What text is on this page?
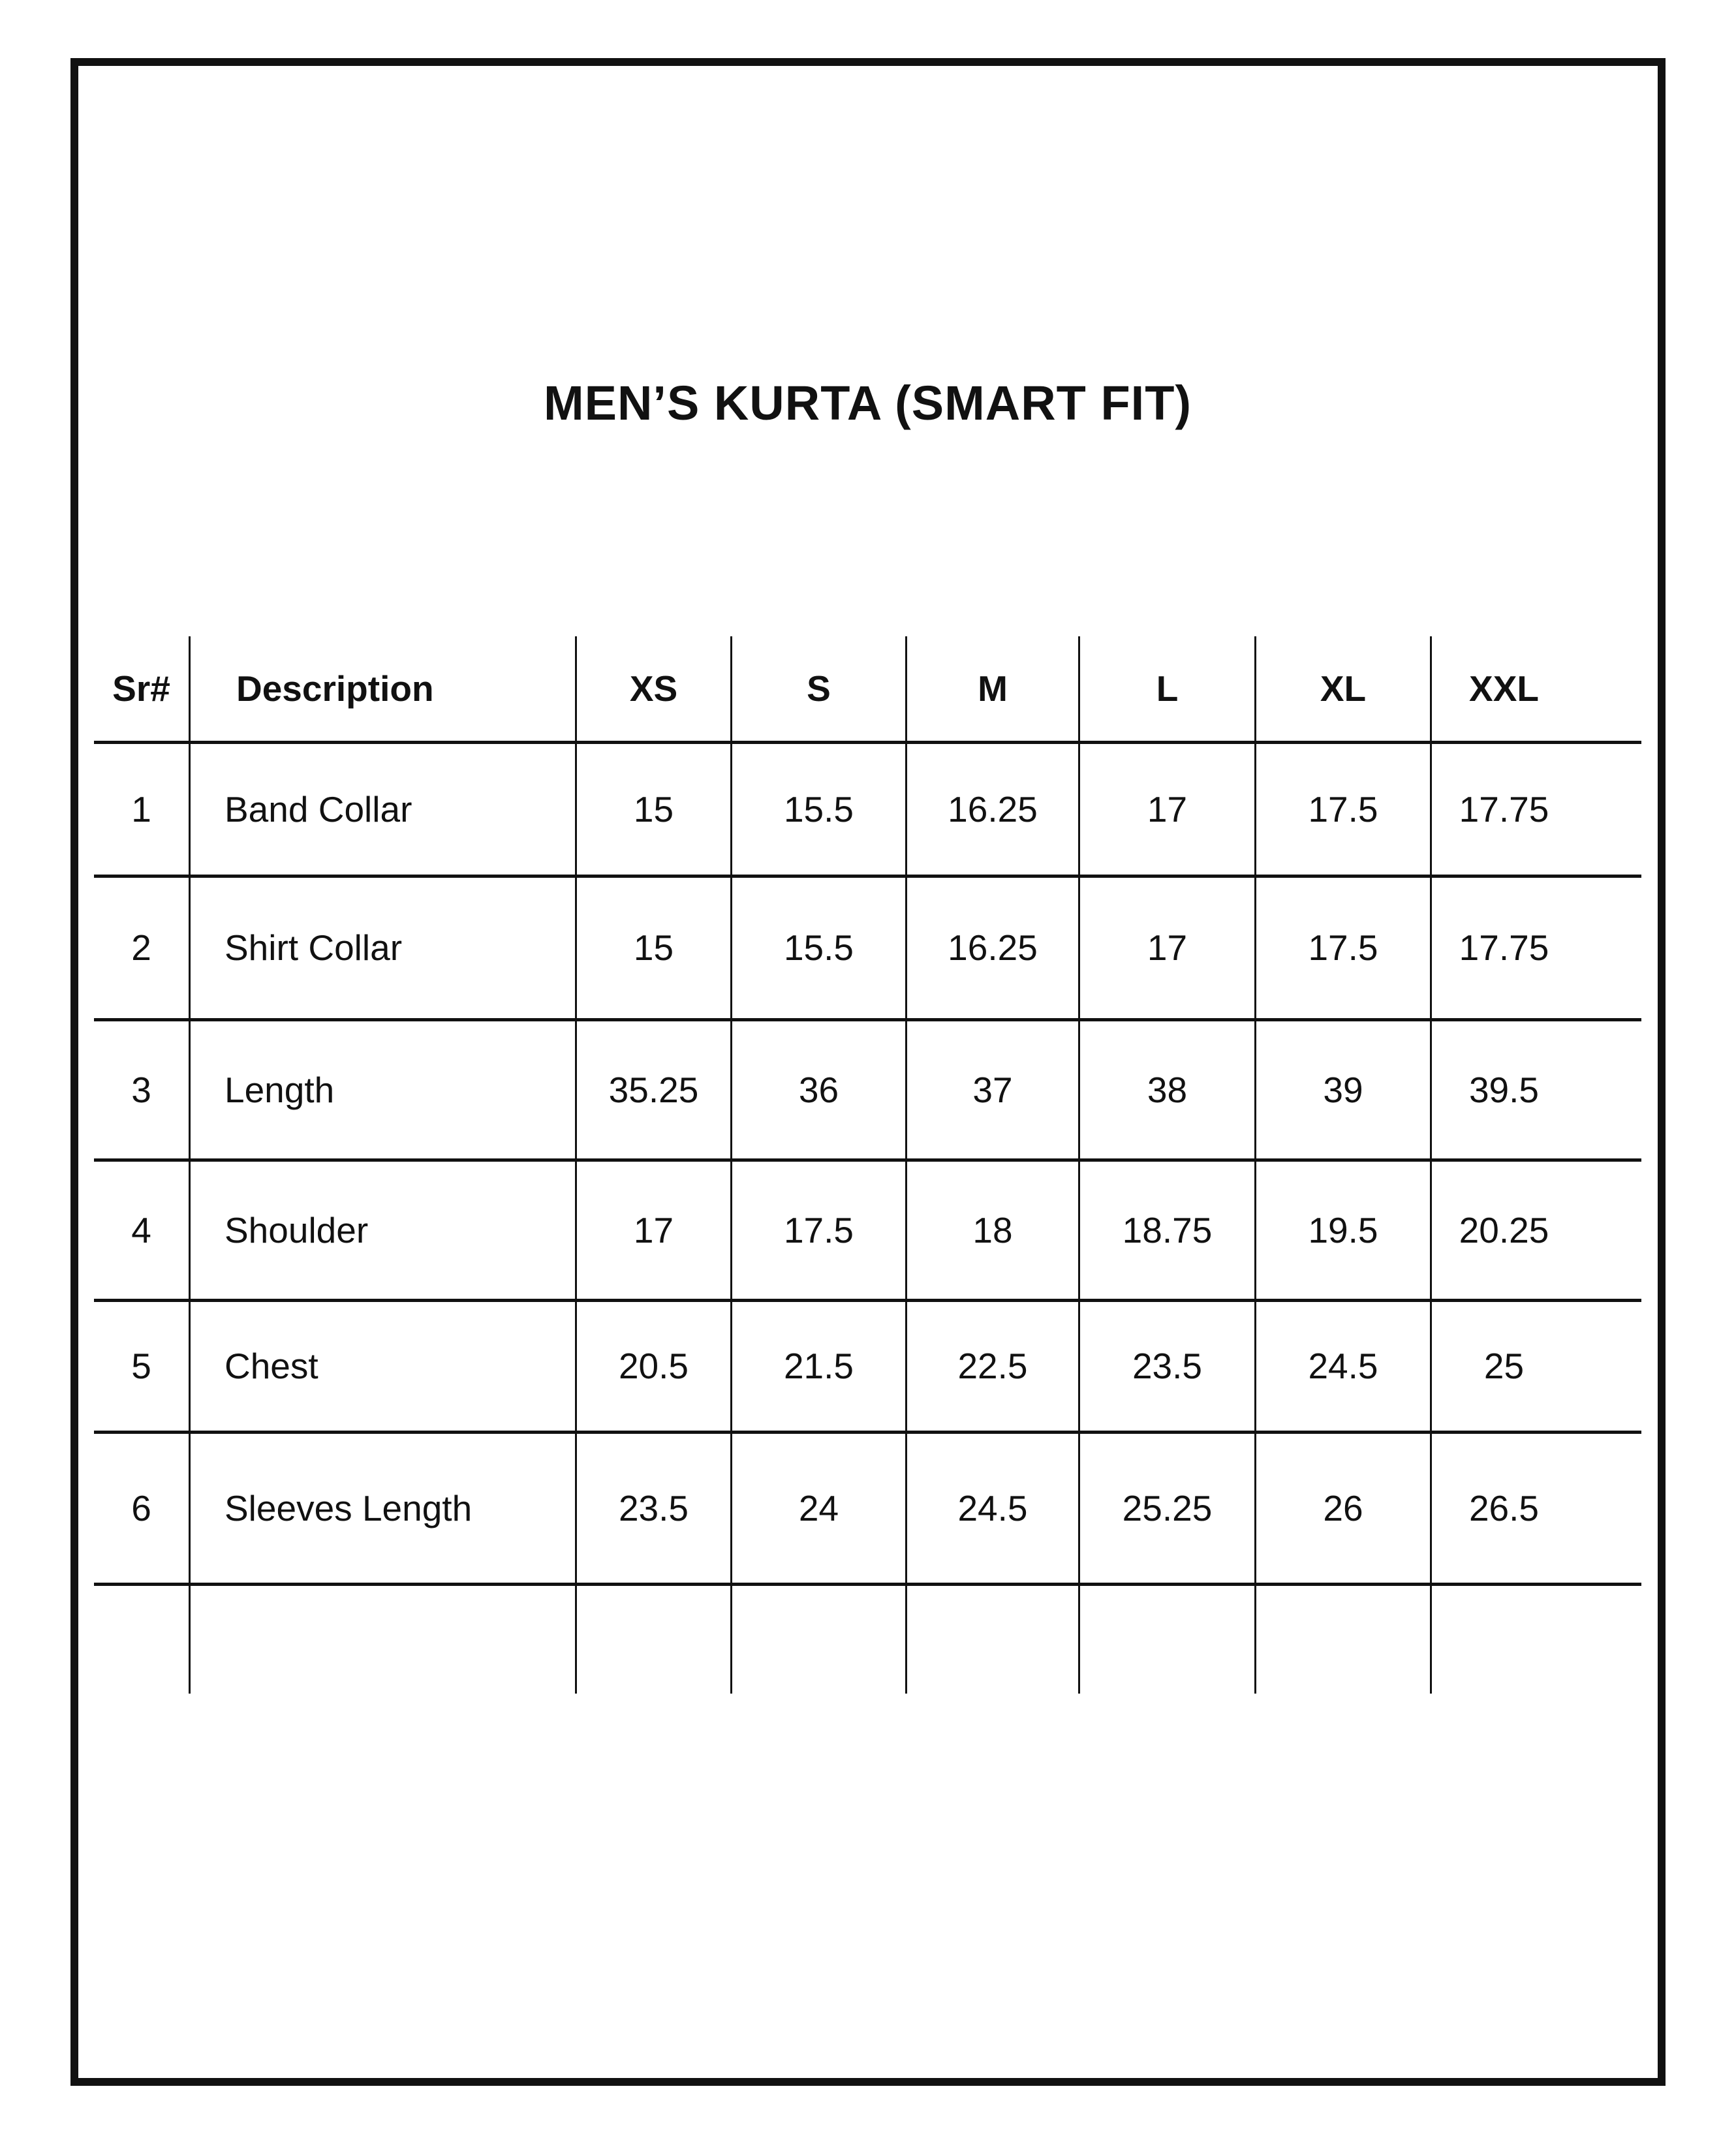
MEN’S KURTA (SMART FIT)
Sr#	Description	XS	S	M	L	XL	XXL
1	Band Collar	15	15.5	16.25	17	17.5	17.75
2	Shirt Collar	15	15.5	16.25	17	17.5	17.75
3	Length	35.25	36	37	38	39	39.5
4	Shoulder	17	17.5	18	18.75	19.5	20.25
5	Chest	20.5	21.5	22.5	23.5	24.5	25
6	Sleeves Length	23.5	24	24.5	25.25	26	26.5
